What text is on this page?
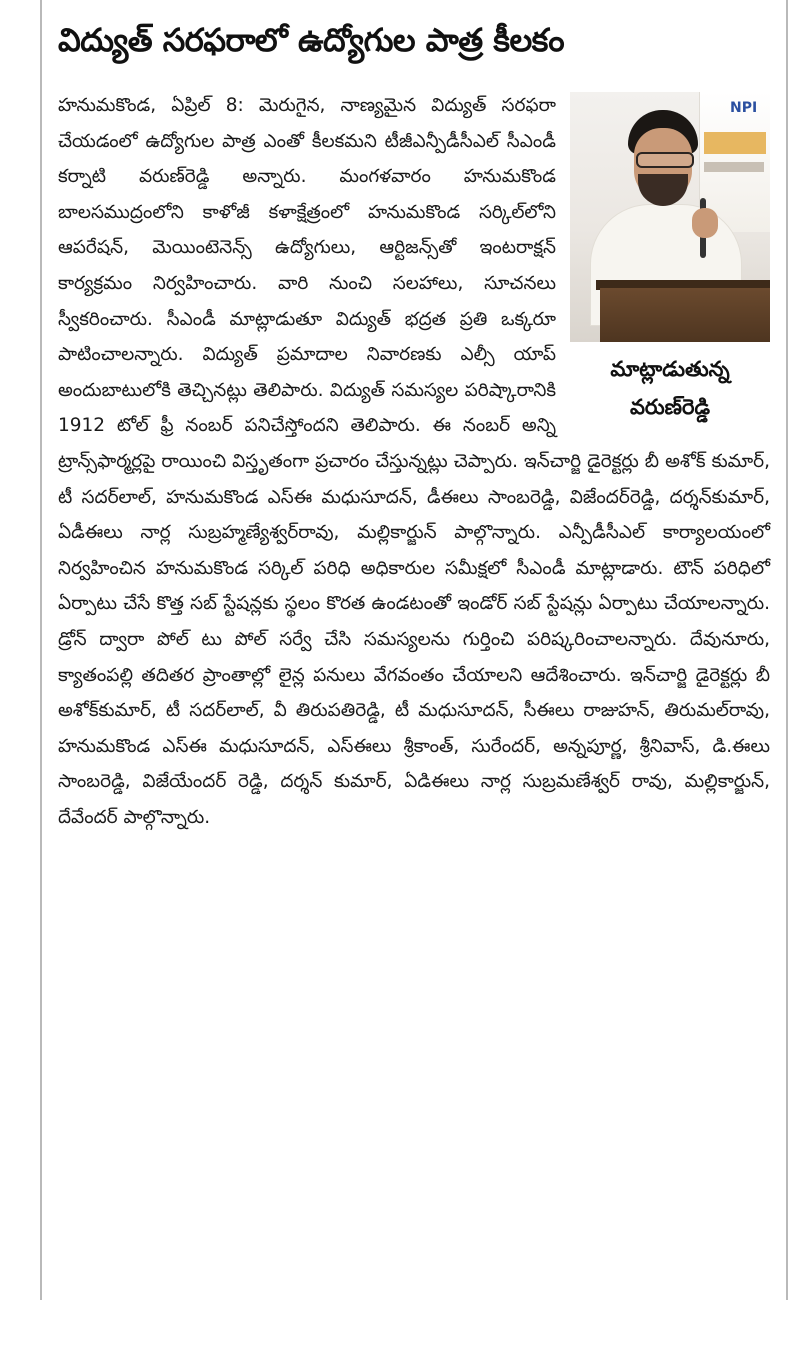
విద్యుత్ సరఫరాలో ఉద్యోగుల పాత్ర కీలకం
NPI
మాట్లాడుతున్న
వరుణ్‌రెడ్డి

హనుమకొండ, ఏప్రిల్ 8: మెరుగైన, నాణ్యమైన విద్యుత్ సరఫరా చేయడంలో ఉద్యోగుల పాత్ర ఎంతో కీలకమని టీజీఎన్పీడీసీఎల్ సీఎండీ కర్నాటి వరుణ్‌రెడ్డి అన్నారు. మంగళవారం హనుమకొండ బాలసముద్రంలోని కాళోజీ కళాక్షేత్రంలో హనుమకొండ సర్కిల్‌లోని ఆపరేషన్, మెయింటెనెన్స్ ఉద్యోగులు, ఆర్టిజన్స్‌తో ఇంటరాక్షన్ కార్యక్రమం నిర్వహించారు. వారి నుంచి సలహాలు, సూచనలు స్వీకరించారు. సీఎండీ మాట్లాడుతూ విద్యుత్ భద్రత ప్రతి ఒక్కరూ పాటించాలన్నారు. విద్యుత్ ప్రమాదాల నివారణకు ఎల్సీ యాప్ అందుబాటులోకి తెచ్చినట్లు తెలిపారు. విద్యుత్ సమస్యల పరిష్కారానికి 1912 టోల్ ఫ్రీ నంబర్ పనిచేస్తోందని తెలిపారు. ఈ నంబర్ అన్ని ట్రాన్స్‌ఫార్మర్లపై రాయించి విస్తృతంగా ప్రచారం చేస్తున్నట్లు చెప్పారు. ఇన్‌చార్జి డైరెక్టర్లు బీ అశోక్ కుమార్, టీ సదర్‌లాల్, హనుమకొండ ఎస్ఈ మధుసూదన్, డీఈలు సాంబరెడ్డి, విజేందర్‌రెడ్డి, దర్శన్‌కుమార్, ఏడీఈలు నార్ల సుబ్రహ్మణ్యేశ్వర్‌రావు, మల్లికార్జున్ పాల్గొన్నారు. ఎన్పీడీసీఎల్ కార్యాలయంలో నిర్వహించిన హనుమకొండ సర్కిల్ పరిధి అధికారుల సమీక్షలో సీఎండీ మాట్లాడారు. టౌన్ పరిధిలో ఏర్పాటు చేసే కొత్త సబ్ స్టేషన్లకు స్థలం కొరత ఉండటంతో ఇండోర్ సబ్ స్టేషన్లు ఏర్పాటు చేయాలన్నారు. డ్రోన్ ద్వారా పోల్ టు పోల్ సర్వే చేసి సమస్యలను గుర్తించి పరిష్కరించాలన్నారు. దేవునూరు, క్యాతంపల్లి తదితర ప్రాంతాల్లో లైన్ల పనులు వేగవంతం చేయాలని ఆదేశించారు. ఇన్‌చార్జి డైరెక్టర్లు బీ అశోక్‌కుమార్, టీ సదర్‌లాల్, వీ తిరుపతిరెడ్డి, టీ మధుసూదన్, సీఈలు రాజుహన్, తిరుమల్‌రావు, హనుమకొండ ఎస్ఈ మధుసూదన్, ఎస్ఈలు శ్రీకాంత్, సురేందర్, అన్నపూర్ణ, శ్రీనివాస్, డి.ఈలు సాంబరెడ్డి, విజేయేందర్ రెడ్డి, దర్శన్ కుమార్, ఏడిఈలు నార్ల సుబ్రమణేశ్వర్ రావు, మల్లికార్జున్, దేవేందర్ పాల్గొన్నారు.
